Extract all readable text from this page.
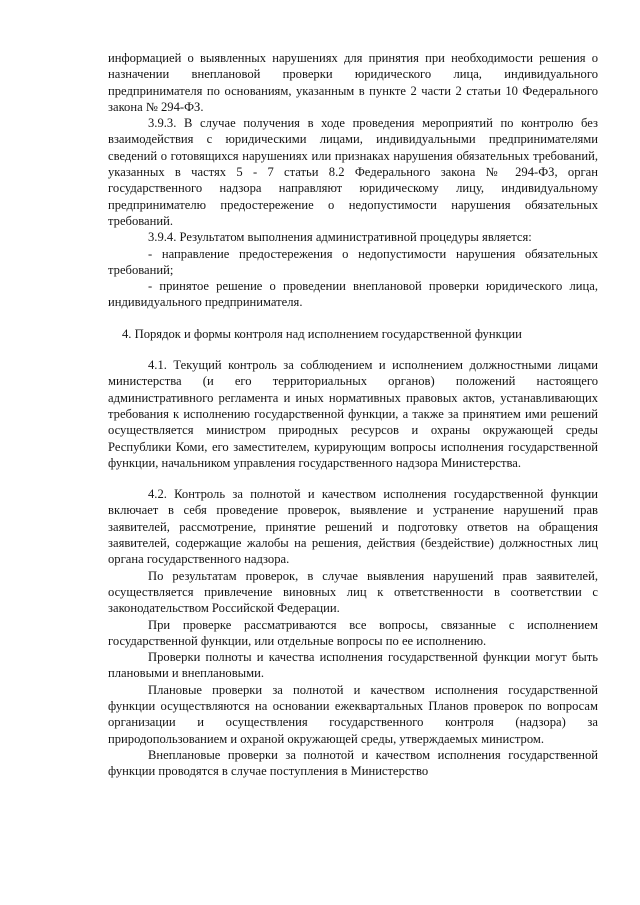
информацией о выявленных нарушениях для принятия при необходимости решения о назначении внеплановой проверки юридического лица, индивидуального предпринимателя по основаниям, указанным в пункте 2 части 2 статьи 10 Федерального закона № 294-ФЗ.

3.9.3. В случае получения в ходе проведения мероприятий по контролю без взаимодействия с юридическими лицами, индивидуальными предпринимателями сведений о готовящихся нарушениях или признаках нарушения обязательных требований, указанных в частях 5 - 7 статьи 8.2 Федерального закона № 294-ФЗ, орган государственного надзора направляют юридическому лицу, индивидуальному предпринимателю предостережение о недопустимости нарушения обязательных требований.

3.9.4. Результатом выполнения административной процедуры является:

- направление предостережения о недопустимости нарушения обязательных требований;

- принятое решение о проведении внеплановой проверки юридического лица, индивидуального предпринимателя.

4. Порядок и формы контроля над исполнением государственной функции

4.1. Текущий контроль за соблюдением и исполнением должностными лицами министерства (и его территориальных органов) положений настоящего административного регламента и иных нормативных правовых актов, устанавливающих требования к исполнению государственной функции, а также за принятием ими решений осуществляется министром природных ресурсов и охраны окружающей среды Республики Коми, его заместителем, курирующим вопросы исполнения государственной функции, начальником управления государственного надзора Министерства.

4.2. Контроль за полнотой и качеством исполнения государственной функции включает в себя проведение проверок, выявление и устранение нарушений прав заявителей, рассмотрение, принятие решений и подготовку ответов на обращения заявителей, содержащие жалобы на решения, действия (бездействие) должностных лиц органа государственного надзора.

По результатам проверок, в случае выявления нарушений прав заявителей, осуществляется привлечение виновных лиц к ответственности в соответствии с законодательством Российской Федерации.

При проверке рассматриваются все вопросы, связанные с исполнением государственной функции, или отдельные вопросы по ее исполнению.

Проверки полноты и качества исполнения государственной функции могут быть плановыми и внеплановыми.

Плановые проверки за полнотой и качеством исполнения государственной функции осуществляются на основании ежеквартальных Планов проверок по вопросам организации и осуществления государственного контроля (надзора) за природопользованием и охраной окружающей среды, утверждаемых министром.

Внеплановые проверки за полнотой и качеством исполнения государственной функции проводятся в случае поступления в Министерство
